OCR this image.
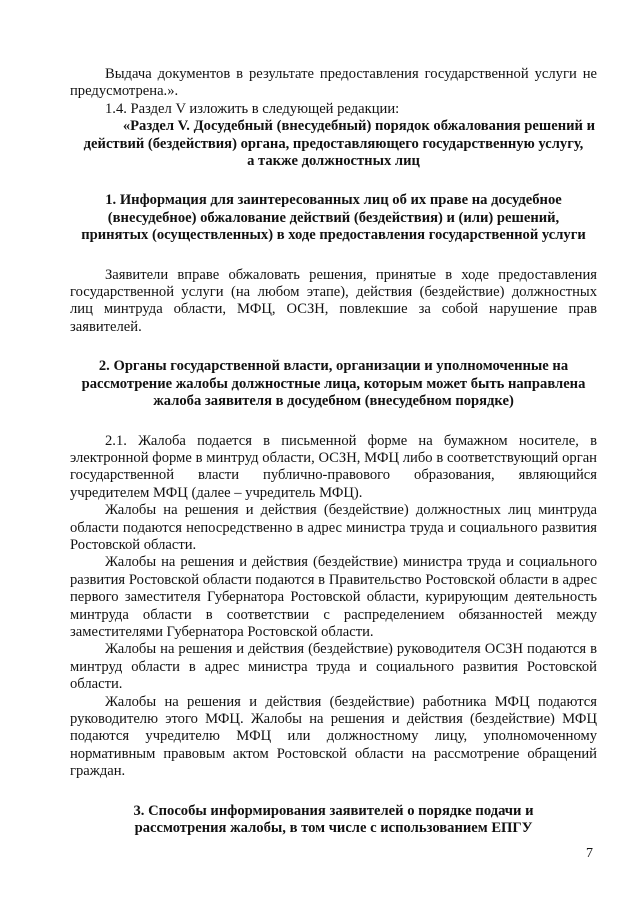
Выдача документов в результате предоставления государственной услуги не предусмотрена.».

1.4. Раздел V изложить в следующей редакции:

«Раздел V. Досудебный (внесудебный) порядок обжалования решений и

действий (бездействия) органа, предоставляющего государственную услугу,

а также должностных лиц

1. Информация для заинтересованных лиц об их праве на досудебное

(внесудебное) обжалование действий (бездействия) и (или) решений,

принятых (осуществленных) в ходе предоставления государственной услуги

Заявители вправе обжаловать решения, принятые в ходе предоставления государственной услуги (на любом этапе), действия (бездействие) должностных лиц минтруда области, МФЦ, ОСЗН, повлекшие за собой нарушение прав заявителей.

2. Органы государственной власти, организации и уполномоченные на

рассмотрение жалобы должностные лица, которым может быть направлена

жалоба заявителя в досудебном (внесудебном порядке)

2.1. Жалоба подается в письменной форме на бумажном носителе, в электронной форме в минтруд области, ОСЗН, МФЦ либо в соответствующий орган государственной власти публично-правового образования, являющийся учредителем МФЦ (далее – учредитель МФЦ).

Жалобы на решения и действия (бездействие) должностных лиц минтруда области подаются непосредственно в адрес министра труда и социального развития Ростовской области.

Жалобы на решения и действия (бездействие) министра труда и социального развития Ростовской области подаются в Правительство Ростовской области в адрес первого заместителя Губернатора Ростовской области, курирующим деятельность минтруда области в соответствии с распределением обязанностей между заместителями Губернатора Ростовской области.

Жалобы на решения и действия (бездействие) руководителя ОСЗН подаются в минтруд области в адрес министра труда и социального развития Ростовской области.

Жалобы на решения и действия (бездействие) работника МФЦ подаются руководителю этого МФЦ. Жалобы на решения и действия (бездействие) МФЦ подаются учредителю МФЦ или должностному лицу, уполномоченному нормативным правовым актом Ростовской области на рассмотрение обращений граждан.

3. Способы информирования заявителей о порядке подачи и

рассмотрения жалобы, в том числе с использованием ЕПГУ

7
